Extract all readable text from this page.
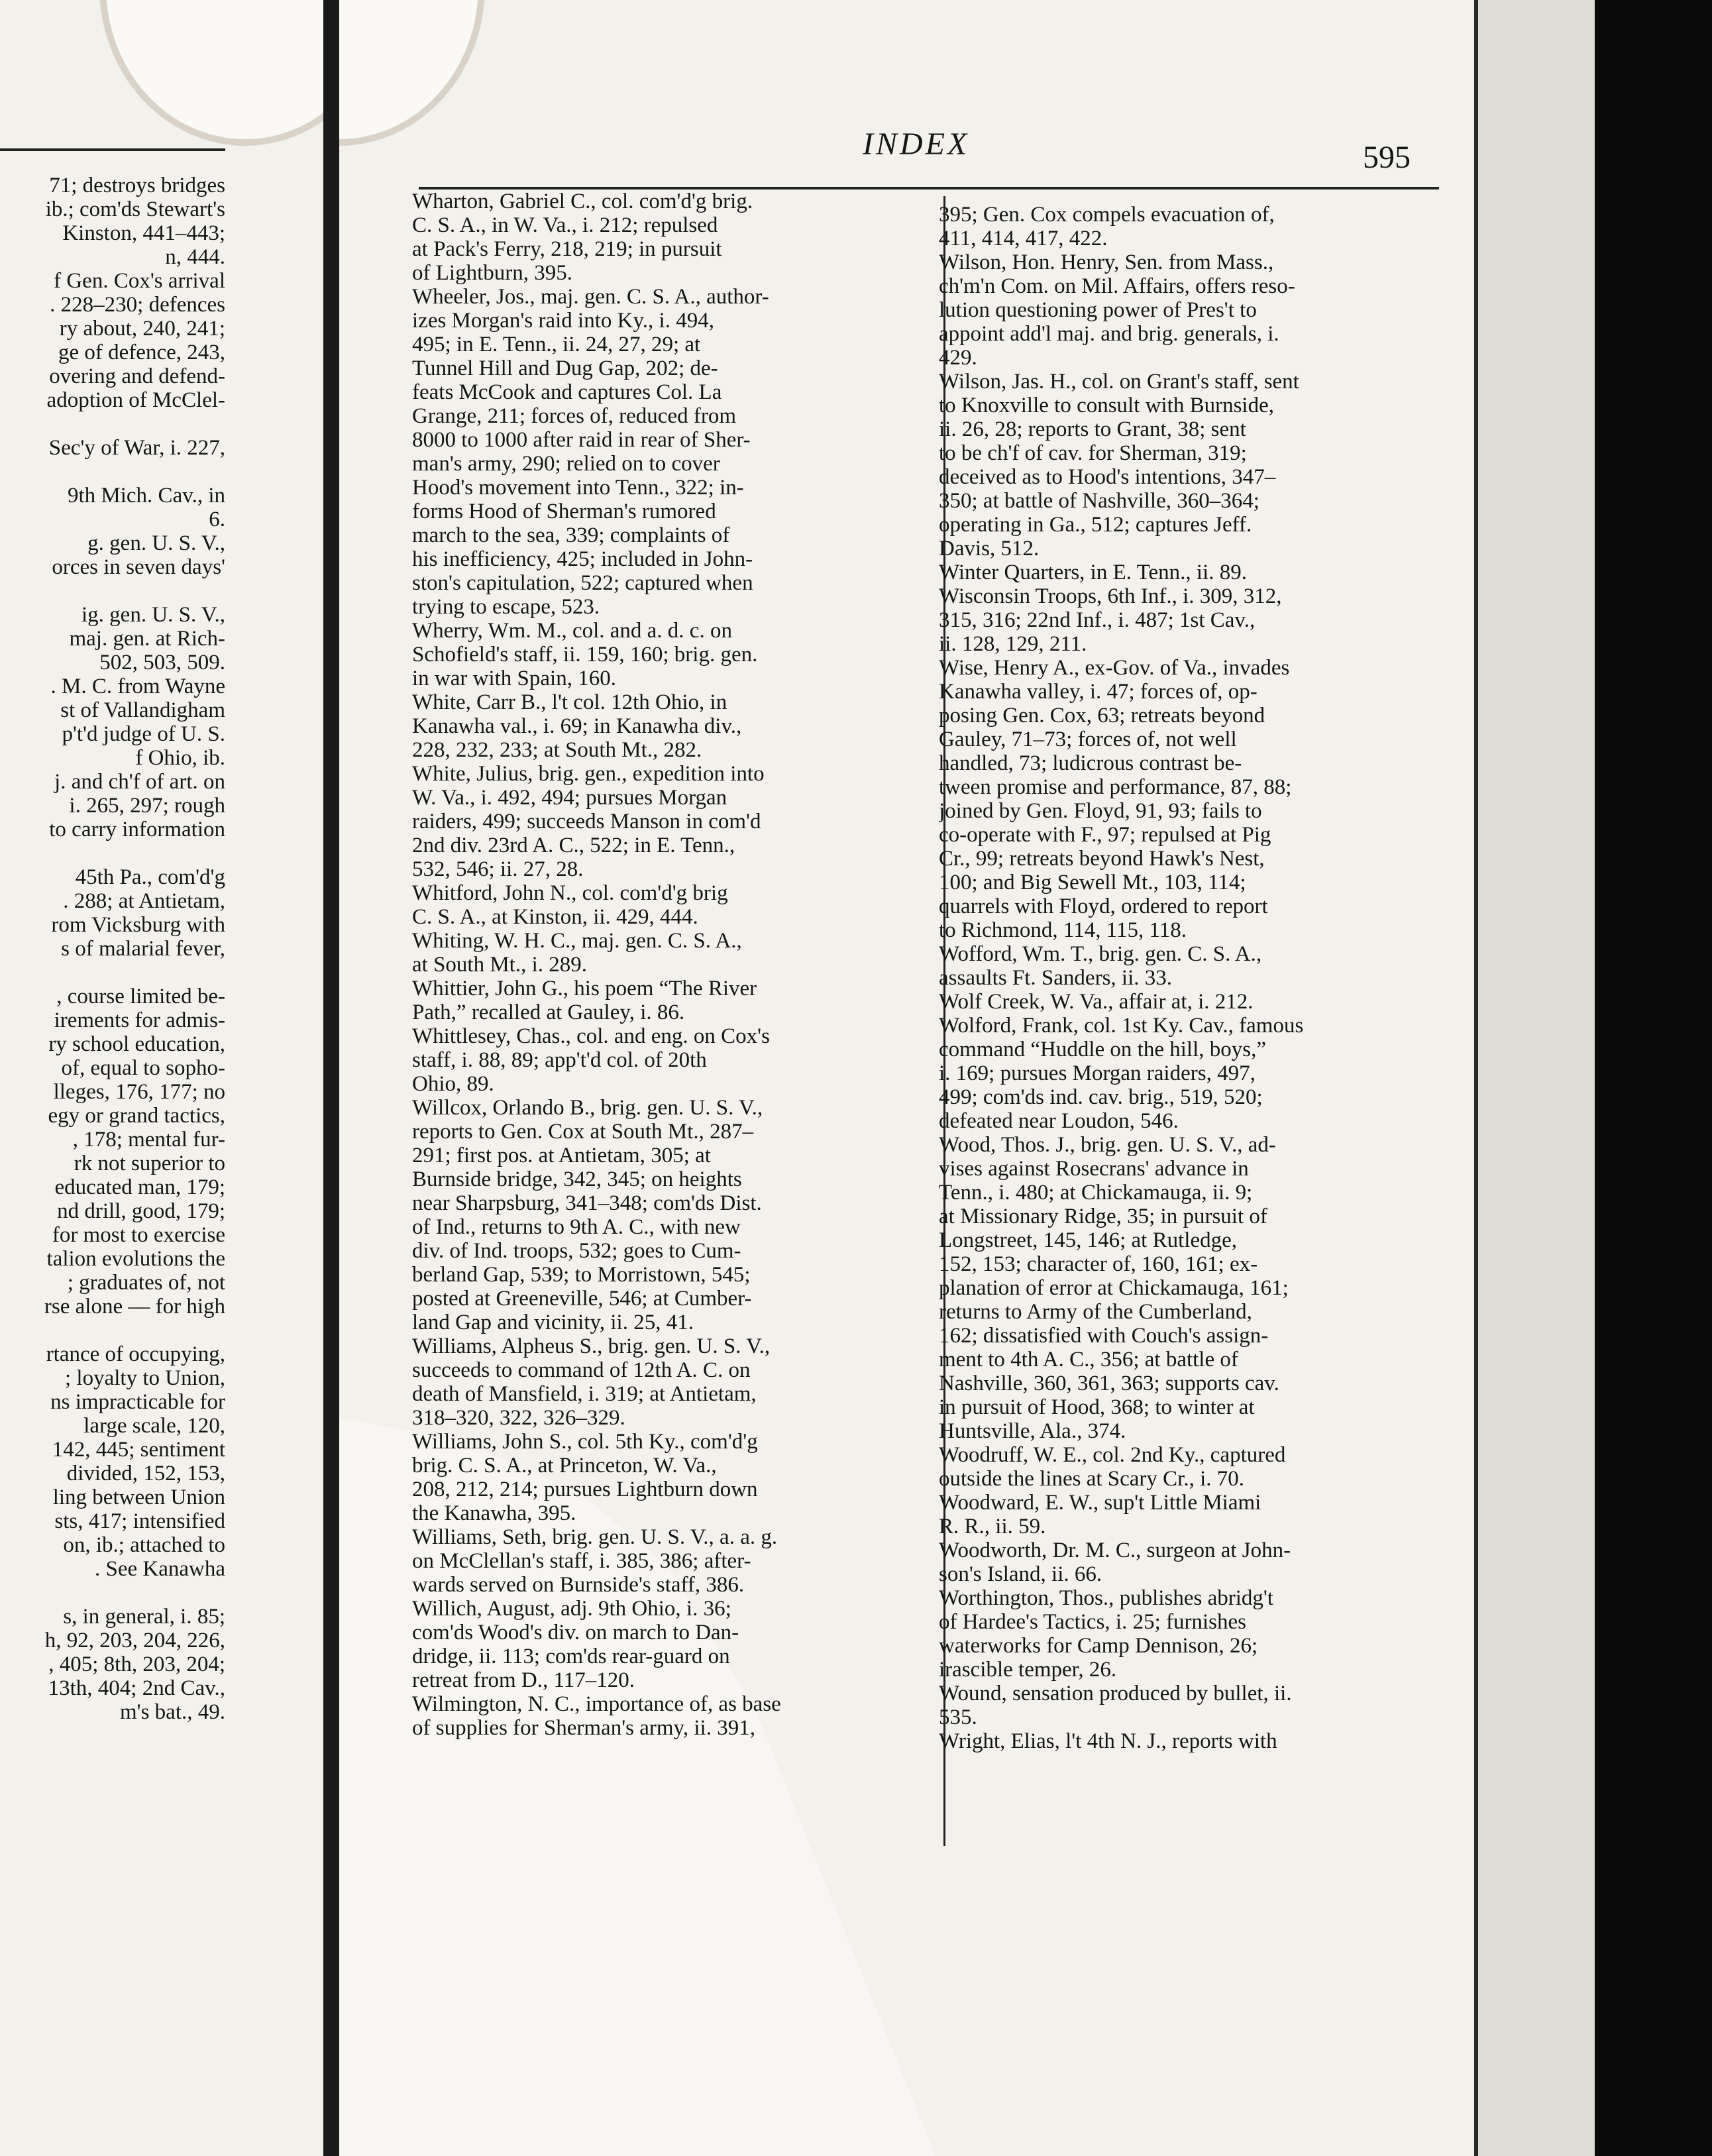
71; destroys bridges
ib.; com'ds Stewart's
Kinston, 441–443;
n, 444.
f Gen. Cox's arrival
. 228–230; defences
ry about, 240, 241;
ge of defence, 243,
overing and defend-
adoption of McClel-
Sec'y of War, i. 227,
9th Mich. Cav., in
6.
g. gen. U. S. V.,
orces in seven days'
ig. gen. U. S. V.,
maj. gen. at Rich-
502, 503, 509.
. M. C. from Wayne
st of Vallandigham
p't'd judge of U. S.
f Ohio, ib.
j. and ch'f of art. on
i. 265, 297; rough
to carry information
45th Pa., com'd'g
. 288; at Antietam,
rom Vicksburg with
s of malarial fever,
, course limited be-
irements for admis-
ry school education,
of, equal to sopho-
lleges, 176, 177; no
egy or grand tactics,
, 178; mental fur-
rk not superior to
educated man, 179;
nd drill, good, 179;
for most to exercise
talion evolutions the
; graduates of, not
rse alone — for high
rtance of occupying,
; loyalty to Union,
ns impracticable for
large scale, 120,
142, 445; sentiment
divided, 152, 153,
ling between Union
sts, 417; intensified
on, ib.; attached to
. See Kanawha
s, in general, i. 85;
h, 92, 203, 204, 226,
, 405; 8th, 203, 204;
13th, 404; 2nd Cav.,
m's bat., 49.
INDEX	595
Wharton, Gabriel C., col. com'd'g brig.
C. S. A., in W. Va., i. 212; repulsed
at Pack's Ferry, 218, 219; in pursuit
of Lightburn, 395.
Wheeler, Jos., maj. gen. C. S. A., author-
izes Morgan's raid into Ky., i. 494,
495; in E. Tenn., ii. 24, 27, 29; at
Tunnel Hill and Dug Gap, 202; de-
feats McCook and captures Col. La
Grange, 211; forces of, reduced from
8000 to 1000 after raid in rear of Sher-
man's army, 290; relied on to cover
Hood's movement into Tenn., 322; in-
forms Hood of Sherman's rumored
march to the sea, 339; complaints of
his inefficiency, 425; included in John-
ston's capitulation, 522; captured when
trying to escape, 523.
Wherry, Wm. M., col. and a. d. c. on
Schofield's staff, ii. 159, 160; brig. gen.
in war with Spain, 160.
White, Carr B., l't col. 12th Ohio, in
Kanawha val., i. 69; in Kanawha div.,
228, 232, 233; at South Mt., 282.
White, Julius, brig. gen., expedition into
W. Va., i. 492, 494; pursues Morgan
raiders, 499; succeeds Manson in com'd
2nd div. 23rd A. C., 522; in E. Tenn.,
532, 546; ii. 27, 28.
Whitford, John N., col. com'd'g brig
C. S. A., at Kinston, ii. 429, 444.
Whiting, W. H. C., maj. gen. C. S. A.,
at South Mt., i. 289.
Whittier, John G., his poem “The River
Path,” recalled at Gauley, i. 86.
Whittlesey, Chas., col. and eng. on Cox's
staff, i. 88, 89; app't'd col. of 20th
Ohio, 89.
Willcox, Orlando B., brig. gen. U. S. V.,
reports to Gen. Cox at South Mt., 287–
291; first pos. at Antietam, 305; at
Burnside bridge, 342, 345; on heights
near Sharpsburg, 341–348; com'ds Dist.
of Ind., returns to 9th A. C., with new
div. of Ind. troops, 532; goes to Cum-
berland Gap, 539; to Morristown, 545;
posted at Greeneville, 546; at Cumber-
land Gap and vicinity, ii. 25, 41.
Williams, Alpheus S., brig. gen. U. S. V.,
succeeds to command of 12th A. C. on
death of Mansfield, i. 319; at Antietam,
318–320, 322, 326–329.
Williams, John S., col. 5th Ky., com'd'g
brig. C. S. A., at Princeton, W. Va.,
208, 212, 214; pursues Lightburn down
the Kanawha, 395.
Williams, Seth, brig. gen. U. S. V., a. a. g.
on McClellan's staff, i. 385, 386; after-
wards served on Burnside's staff, 386.
Willich, August, adj. 9th Ohio, i. 36;
com'ds Wood's div. on march to Dan-
dridge, ii. 113; com'ds rear-guard on
retreat from D., 117–120.
Wilmington, N. C., importance of, as base
of supplies for Sherman's army, ii. 391,
395; Gen. Cox compels evacuation of,
411, 414, 417, 422.
Wilson, Hon. Henry, Sen. from Mass.,
ch'm'n Com. on Mil. Affairs, offers reso-
lution questioning power of Pres't to
appoint add'l maj. and brig. generals, i.
429.
Wilson, Jas. H., col. on Grant's staff, sent
to Knoxville to consult with Burnside,
ii. 26, 28; reports to Grant, 38; sent
to be ch'f of cav. for Sherman, 319;
deceived as to Hood's intentions, 347–
350; at battle of Nashville, 360–364;
operating in Ga., 512; captures Jeff.
Davis, 512.
Winter Quarters, in E. Tenn., ii. 89.
Wisconsin Troops, 6th Inf., i. 309, 312,
315, 316; 22nd Inf., i. 487; 1st Cav.,
ii. 128, 129, 211.
Wise, Henry A., ex-Gov. of Va., invades
Kanawha valley, i. 47; forces of, op-
posing Gen. Cox, 63; retreats beyond
Gauley, 71–73; forces of, not well
handled, 73; ludicrous contrast be-
tween promise and performance, 87, 88;
joined by Gen. Floyd, 91, 93; fails to
co-operate with F., 97; repulsed at Pig
Cr., 99; retreats beyond Hawk's Nest,
100; and Big Sewell Mt., 103, 114;
quarrels with Floyd, ordered to report
to Richmond, 114, 115, 118.
Wofford, Wm. T., brig. gen. C. S. A.,
assaults Ft. Sanders, ii. 33.
Wolf Creek, W. Va., affair at, i. 212.
Wolford, Frank, col. 1st Ky. Cav., famous
command “Huddle on the hill, boys,”
i. 169; pursues Morgan raiders, 497,
499; com'ds ind. cav. brig., 519, 520;
defeated near Loudon, 546.
Wood, Thos. J., brig. gen. U. S. V., ad-
vises against Rosecrans' advance in
Tenn., i. 480; at Chickamauga, ii. 9;
at Missionary Ridge, 35; in pursuit of
Longstreet, 145, 146; at Rutledge,
152, 153; character of, 160, 161; ex-
planation of error at Chickamauga, 161;
returns to Army of the Cumberland,
162; dissatisfied with Couch's assign-
ment to 4th A. C., 356; at battle of
Nashville, 360, 361, 363; supports cav.
in pursuit of Hood, 368; to winter at
Huntsville, Ala., 374.
Woodruff, W. E., col. 2nd Ky., captured
outside the lines at Scary Cr., i. 70.
Woodward, E. W., sup't Little Miami
R. R., ii. 59.
Woodworth, Dr. M. C., surgeon at John-
son's Island, ii. 66.
Worthington, Thos., publishes abridg't
of Hardee's Tactics, i. 25; furnishes
waterworks for Camp Dennison, 26;
irascible temper, 26.
Wound, sensation produced by bullet, ii.
535.
Wright, Elias, l't 4th N. J., reports with
